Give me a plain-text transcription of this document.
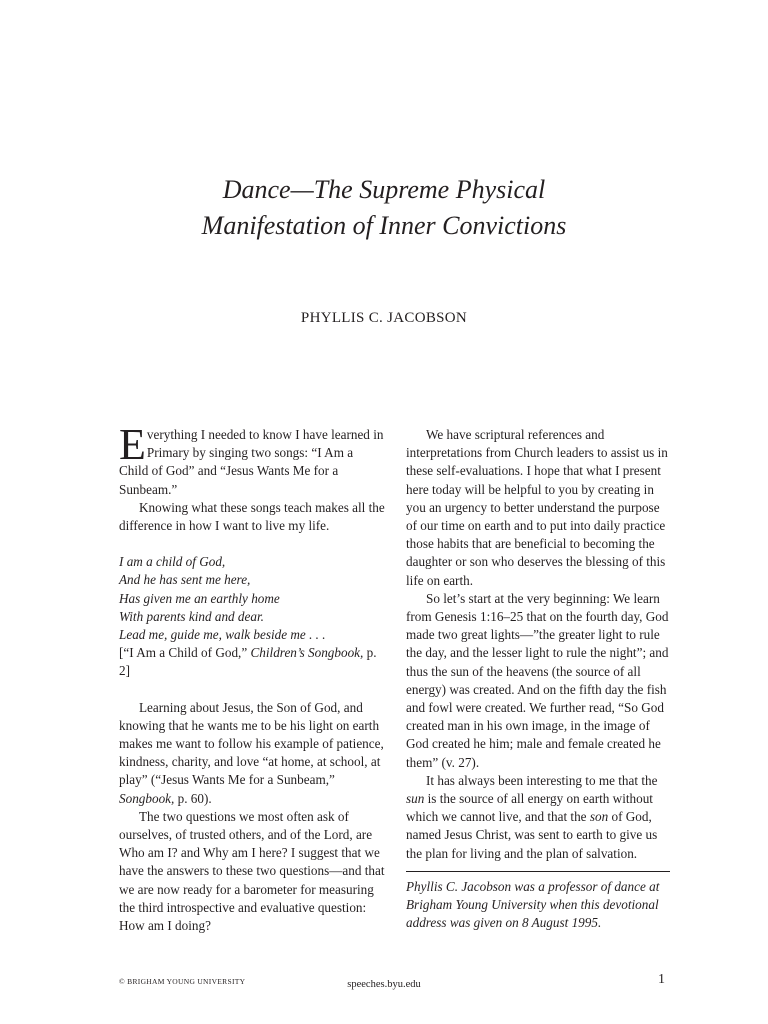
Dance—The Supreme Physical
Manifestation of Inner Convictions
PHYLLIS C. JACOBSON

Everything I needed to know I have learned in Primary by singing two songs: “I Am a Child of God” and “Jesus Wants Me for a Sunbeam.”

Knowing what these songs teach makes all the difference in how I want to live my life.

I am a child of God,
And he has sent me here,
Has given me an earthly home
With parents kind and dear.
Lead me, guide me, walk beside me . . .

[“I Am a Child of God,” Children’s Songbook, p. 2]

Learning about Jesus, the Son of God, and knowing that he wants me to be his light on earth makes me want to follow his example of patience, kindness, charity, and love “at home, at school, at play” (“Jesus Wants Me for a Sunbeam,” Songbook, p. 60).

The two questions we most often ask of ourselves, of trusted others, and of the Lord, are Who am I? and Why am I here? I suggest that we have the answers to these two questions—and that we are now ready for a barometer for measuring the third introspective and evaluative question: How am I doing?

We have scriptural references and interpretations from Church leaders to assist us in these self-evaluations. I hope that what I present here today will be helpful to you by creating in you an urgency to better understand the purpose of our time on earth and to put into daily practice those habits that are beneficial to becoming the daughter or son who deserves the blessing of this life on earth.

So let’s start at the very beginning: We learn from Genesis 1:16–25 that on the fourth day, God made two great lights—”the greater light to rule the day, and the lesser light to rule the night”; and thus the sun of the heavens (the source of all energy) was created. And on the fifth day the fish and fowl were created. We further read, “So God created man in his own image, in the image of God created he him; male and female created he them” (v. 27).

It has always been interesting to me that the sun is the source of all energy on earth without which we cannot live, and that the son of God, named Jesus Christ, was sent to earth to give us the plan for living and the plan of salvation.

Phyllis C. Jacobson was a professor of dance at Brigham Young University when this devotional address was given on 8 August 1995.

© BRIGHAM YOUNG UNIVERSITY	speeches.byu.edu	1
